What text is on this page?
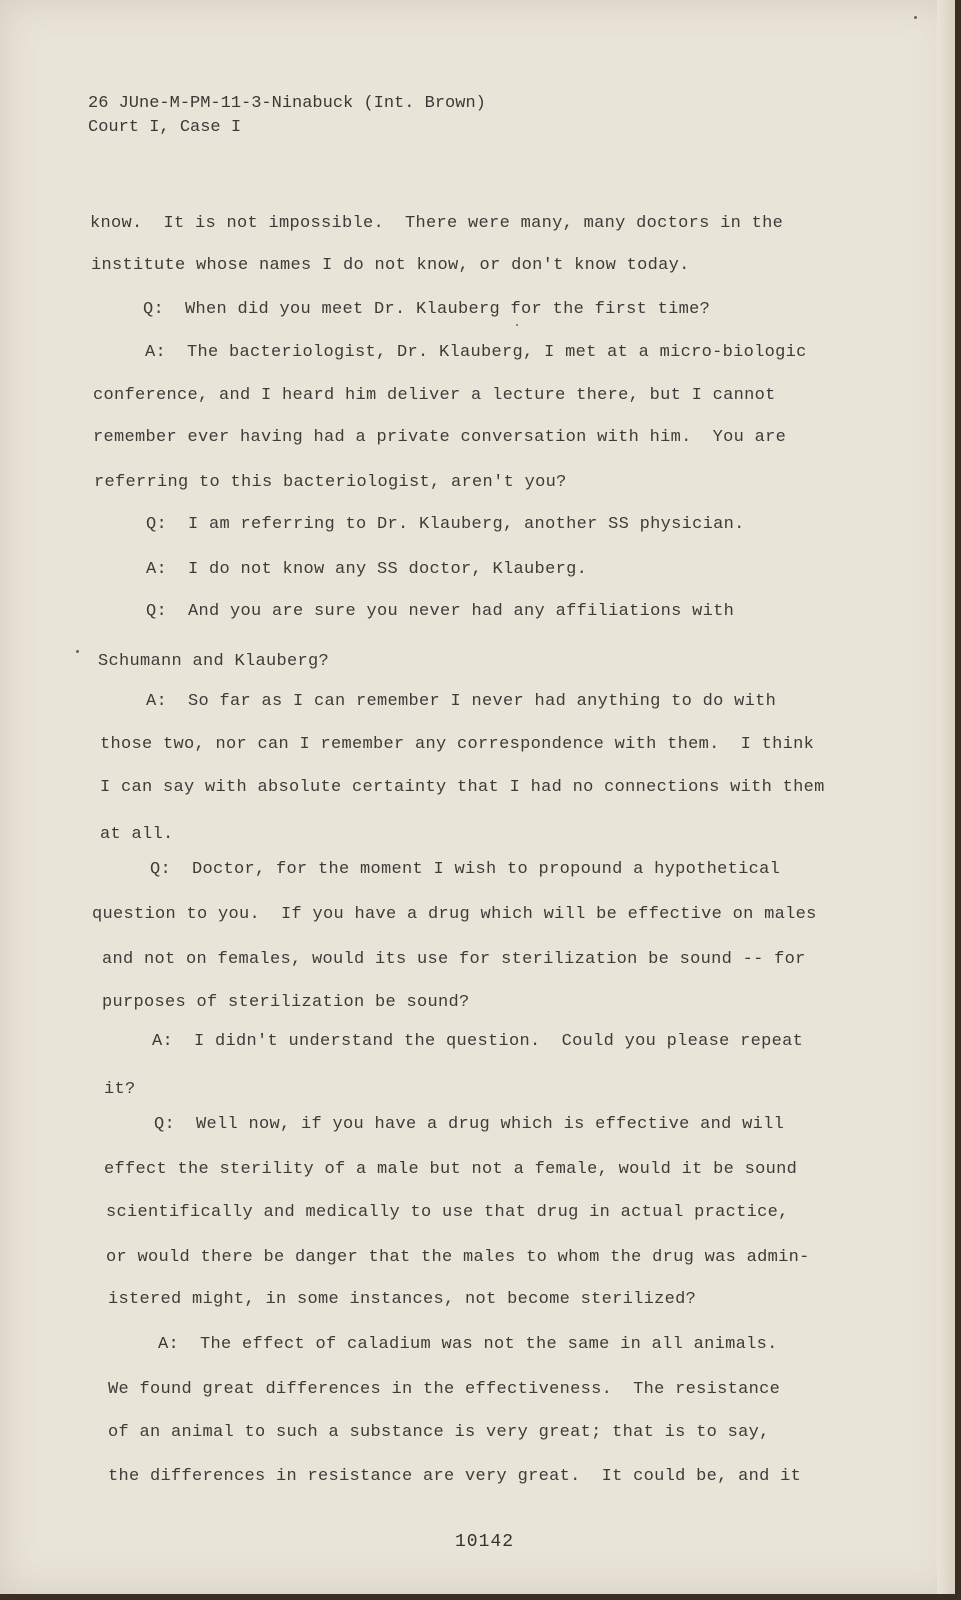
26 JUne-M-PM-11-3-Ninabuck (Int. Brown)
Court I, Case I
know.  It is not impossible.  There were many, many doctors in the
institute whose names I do not know, or don't know today.
Q:  When did you meet Dr. Klauberg for the first time?
A:  The bacteriologist, Dr. Klauberg, I met at a micro-biologic
conference, and I heard him deliver a lecture there, but I cannot
remember ever having had a private conversation with him.  You are
referring to this bacteriologist, aren't you?
Q:  I am referring to Dr. Klauberg, another SS physician.
A:  I do not know any SS doctor, Klauberg.
Q:  And you are sure you never had any affiliations with
Schumann and Klauberg?
A:  So far as I can remember I never had anything to do with
those two, nor can I remember any correspondence with them.  I think
I can say with absolute certainty that I had no connections with them
at all.
Q:  Doctor, for the moment I wish to propound a hypothetical
question to you.  If you have a drug which will be effective on males
and not on females, would its use for sterilization be sound -- for
purposes of sterilization be sound?
A:  I didn't understand the question.  Could you please repeat
it?
Q:  Well now, if you have a drug which is effective and will
effect the sterility of a male but not a female, would it be sound
scientifically and medically to use that drug in actual practice,
or would there be danger that the males to whom the drug was admin-
istered might, in some instances, not become sterilized?
A:  The effect of caladium was not the same in all animals.
We found great differences in the effectiveness.  The resistance
of an animal to such a substance is very great; that is to say,
the differences in resistance are very great.  It could be, and it
10142
